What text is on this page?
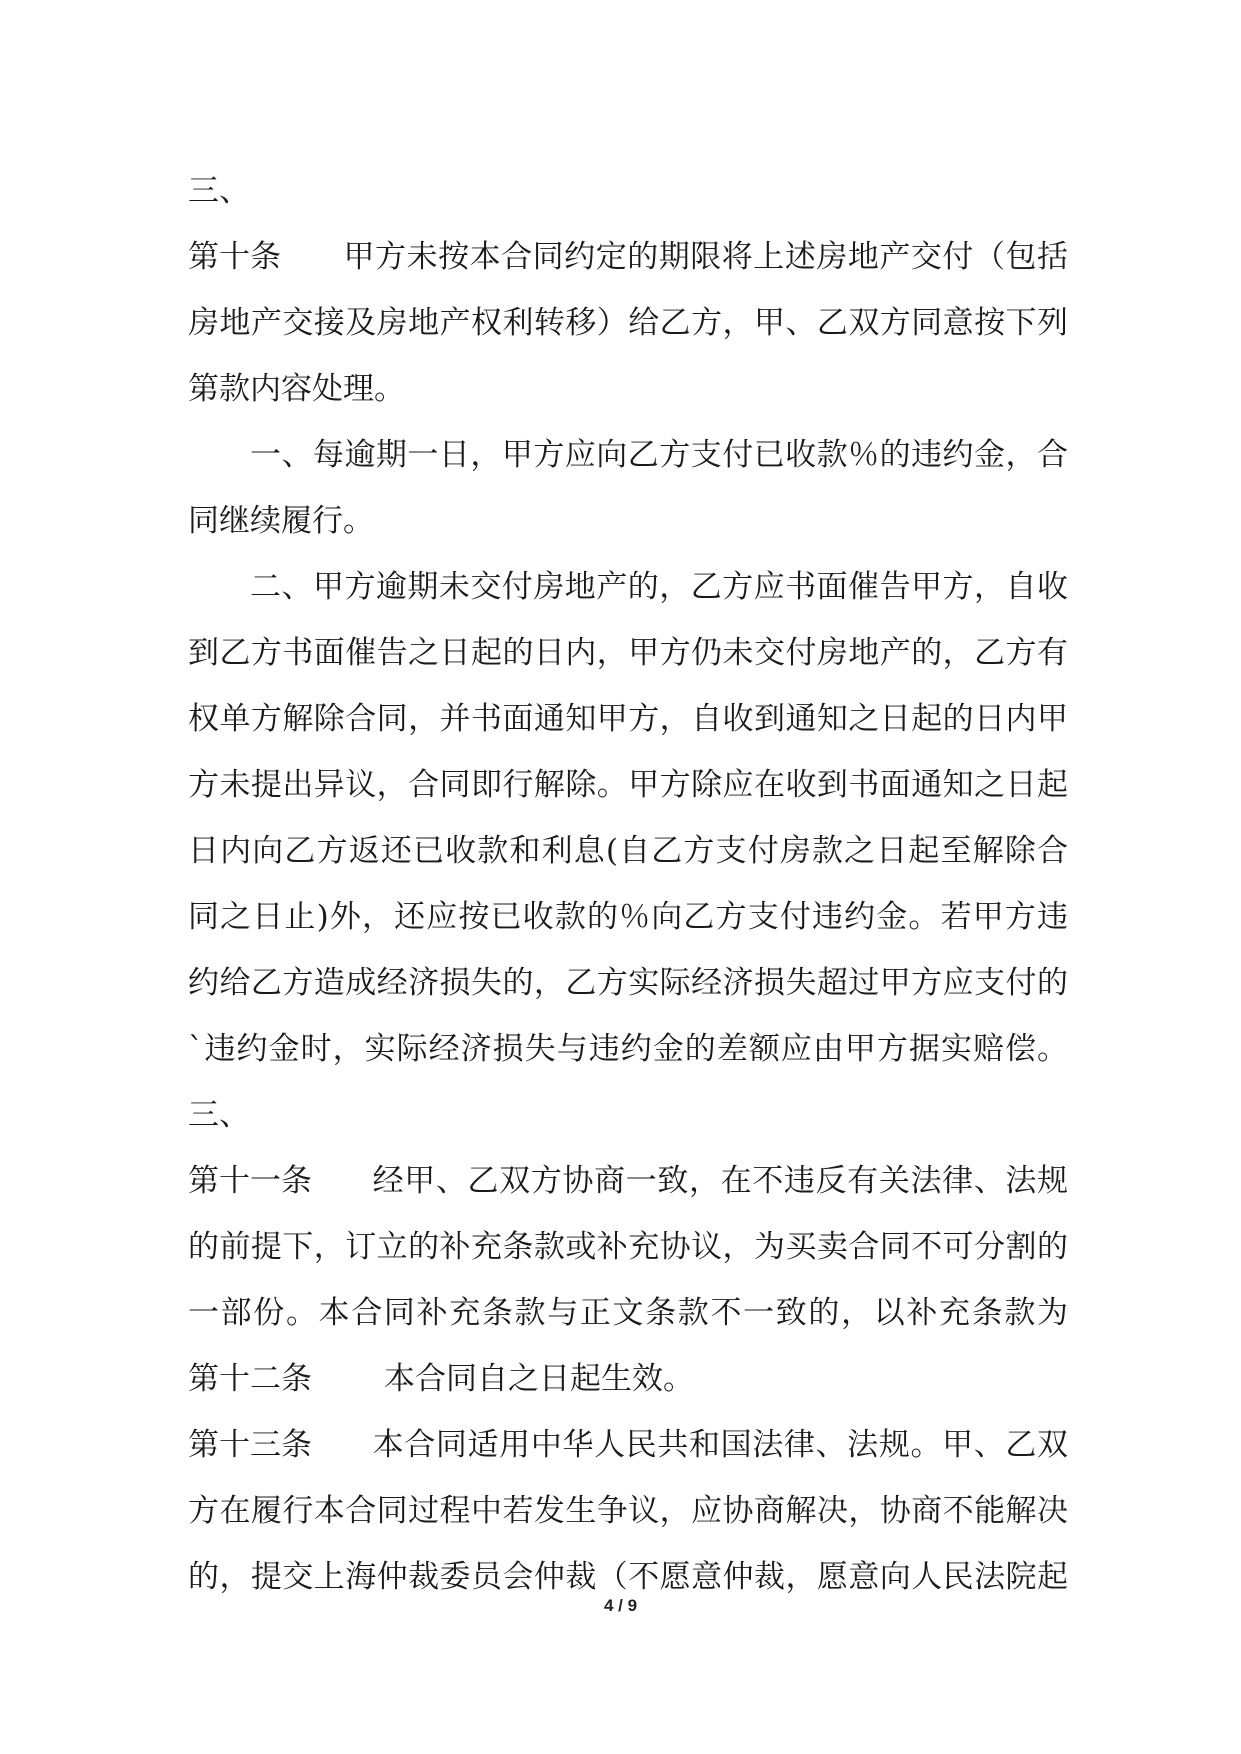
三、
第十条 甲方未按本合同约定的期限将上述房地产交付（包括
房地产交接及房地产权利转移）给乙方，甲、乙双方同意按下列
第款内容处理。
一、每逾期一日，甲方应向乙方支付已收款％的违约金，合
同继续履行。
二、甲方逾期未交付房地产的，乙方应书面催告甲方，自收
到乙方书面催告之日起的日内，甲方仍未交付房地产的，乙方有
权单方解除合同，并书面通知甲方，自收到通知之日起的日内甲
方未提出异议，合同即行解除。甲方除应在收到书面通知之日起
日内向乙方返还已收款和利息(自乙方支付房款之日起至解除合
同之日止)外，还应按已收款的％向乙方支付违约金。若甲方违
约给乙方造成经济损失的，乙方实际经济损失超过甲方应支付的
`违约金时，实际经济损失与违约金的差额应由甲方据实赔偿。
三、
第十一条 经甲、乙双方协商一致，在不违反有关法律、法规
的前提下，订立的补充条款或补充协议，为买卖合同不可分割的
一部份。本合同补充条款与正文条款不一致的，以补充条款为
第十二条 本合同自之日起生效。
第十三条 本合同适用中华人民共和国法律、法规。甲、乙双
方在履行本合同过程中若发生争议，应协商解决，协商不能解决
的，提交上海仲裁委员会仲裁（不愿意仲裁，愿意向人民法院起
4 / 9
